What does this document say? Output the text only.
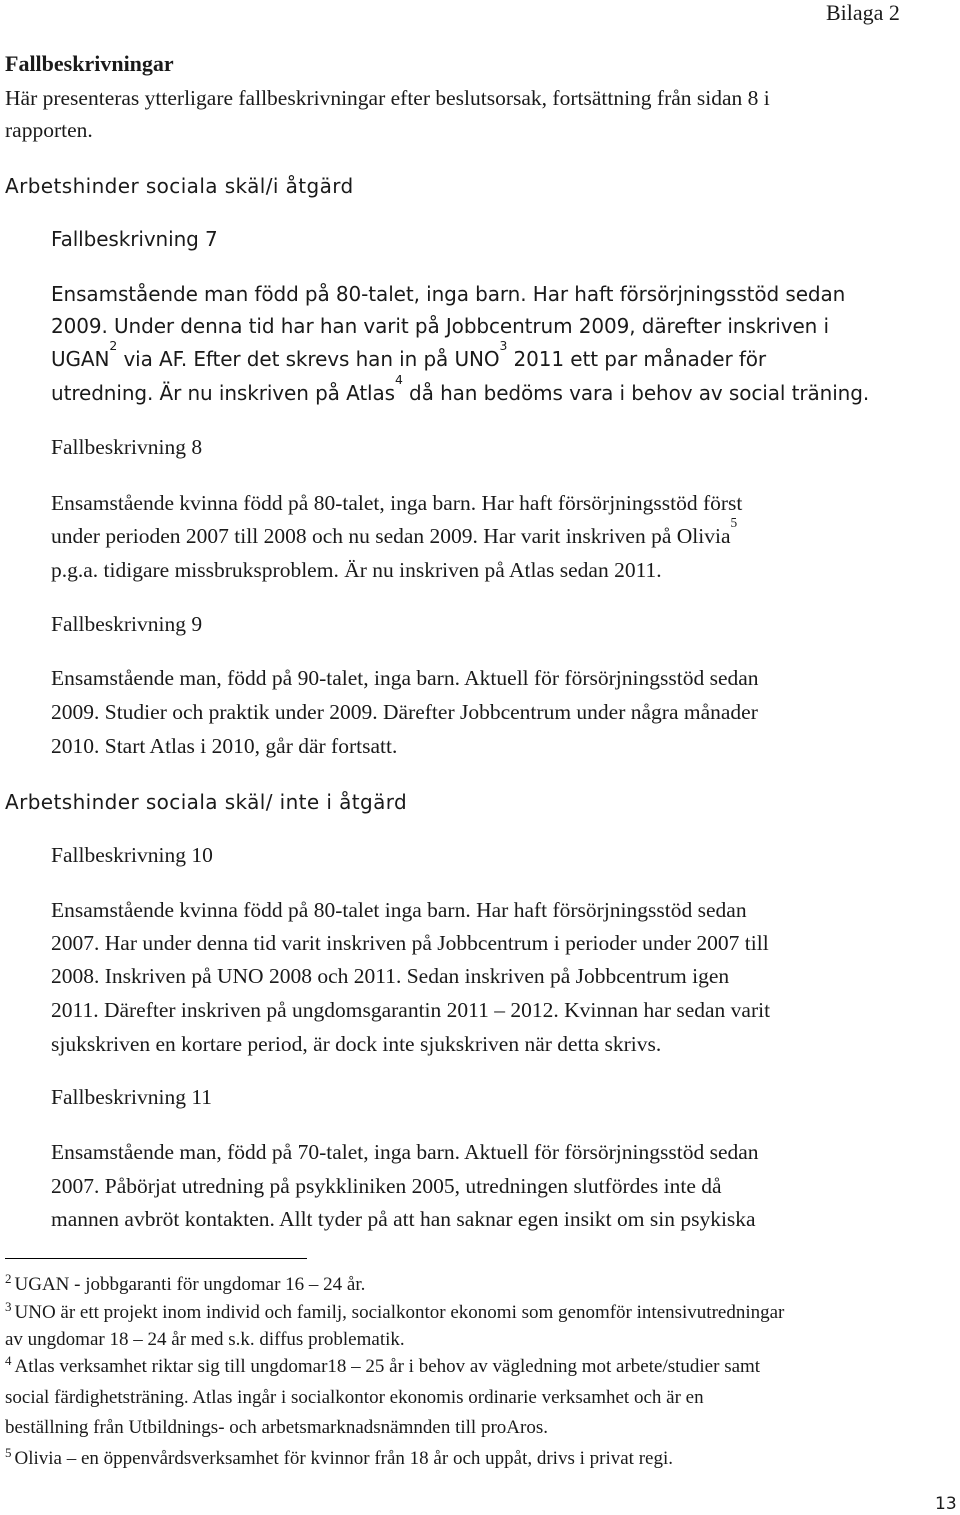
Bilaga 2
Fallbeskrivningar
Här presenteras ytterligare fallbeskrivningar efter beslutsorsak, fortsättning från sidan 8 i
rapporten.
Arbetshinder sociala skäl/i åtgärd
Fallbeskrivning 7
Ensamstående man född på 80-talet, inga barn. Har haft försörjningsstöd sedan
2009. Under denna tid har han varit på Jobbcentrum 2009, därefter inskriven i
UGAN$^2$ via AF. Efter det skrevs han in på UNO$^3$ 2011 ett par månader för
utredning. Är nu inskriven på Atlas$^4$ då han bedöms vara i behov av social träning.
Fallbeskrivning 8
Ensamstående kvinna född på 80-talet, inga barn. Har haft försörjningsstöd först
under perioden 2007 till 2008 och nu sedan 2009. Har varit inskriven på Olivia$^5$
p.g.a. tidigare missbruksproblem. Är nu inskriven på Atlas sedan 2011.
Fallbeskrivning 9
Ensamstående man, född på 90-talet, inga barn. Aktuell för försörjningsstöd sedan
2009. Studier och praktik under 2009. Därefter Jobbcentrum under några månader
2010. Start Atlas i 2010, går där fortsatt.
Arbetshinder sociala skäl/ inte i åtgärd
Fallbeskrivning 10
Ensamstående kvinna född på 80-talet inga barn. Har haft försörjningsstöd sedan
2007. Har under denna tid varit inskriven på Jobbcentrum i perioder under 2007 till
2008. Inskriven på UNO 2008 och 2011. Sedan inskriven på Jobbcentrum igen
2011. Därefter inskriven på ungdomsgarantin 2011 – 2012. Kvinnan har sedan varit
sjukskriven en kortare period, är dock inte sjukskriven när detta skrivs.
Fallbeskrivning 11
Ensamstående man, född på 70-talet, inga barn. Aktuell för försörjningsstöd sedan
2007. Påbörjat utredning på psykkliniken 2005, utredningen slutfördes inte då
mannen avbröt kontakten. Allt tyder på att han saknar egen insikt om sin psykiska
$^2$ UGAN - jobbgaranti för ungdomar 16 – 24 år.
$^3$ UNO är ett projekt inom individ och familj, socialkontor ekonomi som genomför intensivutredningar
av ungdomar 18 – 24 år med s.k. diffus problematik.
$^4$ Atlas verksamhet riktar sig till ungdomar18 – 25 år i behov av vägledning mot arbete/studier samt
social färdighetsträning. Atlas ingår i socialkontor ekonomis ordinarie verksamhet och är en
beställning från Utbildnings- och arbetsmarknadsnämnden till proAros.
$^5$ Olivia – en öppenvårdsverksamhet för kvinnor från 18 år och uppåt, drivs i privat regi.
13
